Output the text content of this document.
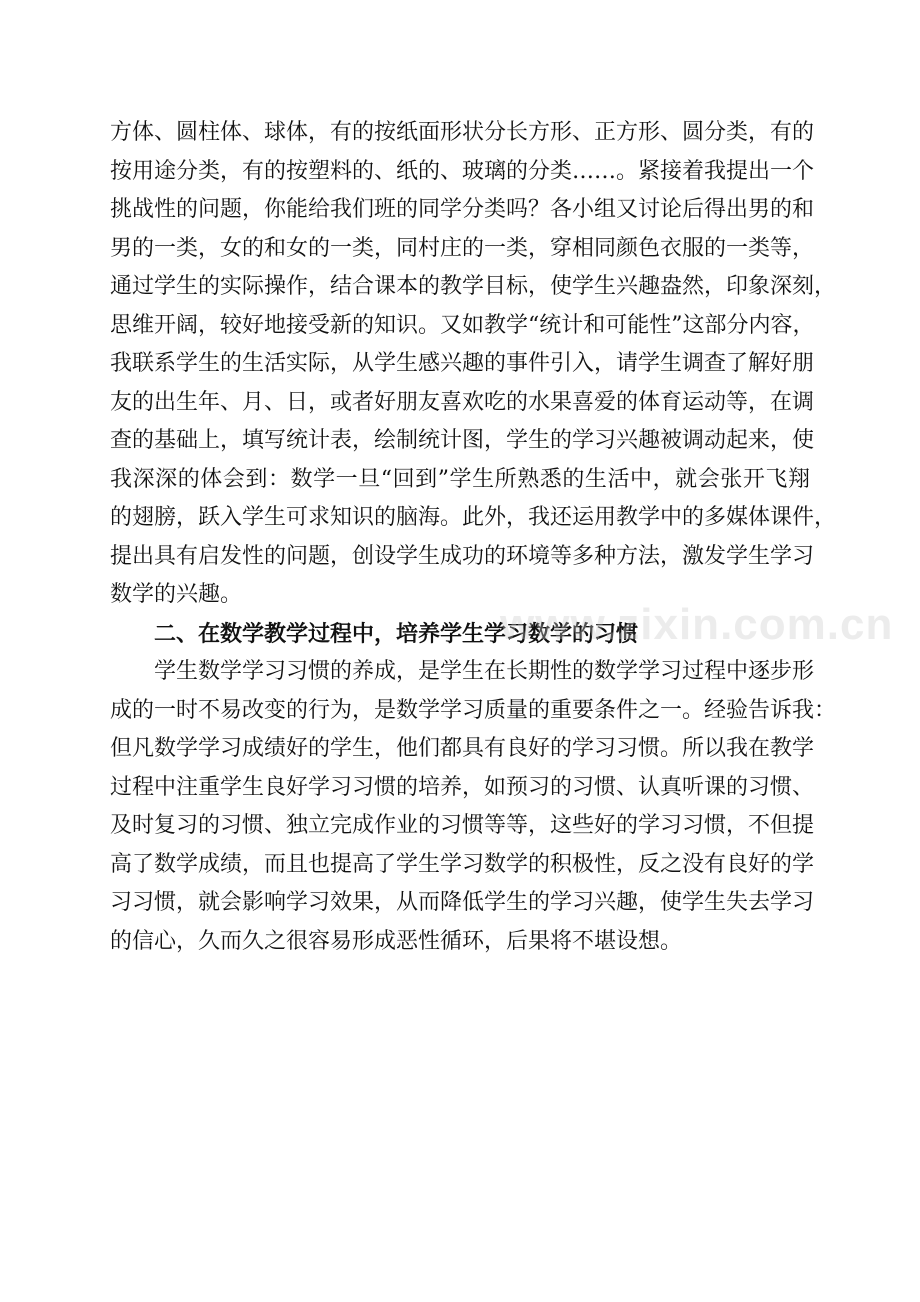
方体、圆柱体、球体，有的按纸面形状分长方形、正方形、圆分类，有的
按用途分类，有的按塑料的、纸的、玻璃的分类……。紧接着我提出一个
挑战性的问题，你能给我们班的同学分类吗？各小组又讨论后得出男的和
男的一类，女的和女的一类，同村庄的一类，穿相同颜色衣服的一类等，
通过学生的实际操作，结合课本的教学目标，使学生兴趣盎然，印象深刻，
思维开阔，较好地接受新的知识。又如教学“统计和可能性”这部分内容，
我联系学生的生活实际，从学生感兴趣的事件引入，请学生调查了解好朋
友的出生年、月、日，或者好朋友喜欢吃的水果喜爱的体育运动等，在调
查的基础上，填写统计表，绘制统计图，学生的学习兴趣被调动起来，使
我深深的体会到：数学一旦“回到”学生所熟悉的生活中，就会张开飞翔
的翅膀，跃入学生可求知识的脑海。此外，我还运用教学中的多媒体课件，
提出具有启发性的问题，创设学生成功的环境等多种方法，激发学生学习
数学的兴趣。
二、在数学教学过程中，培养学生学习数学的习惯
学生数学学习习惯的养成，是学生在长期性的数学学习过程中逐步形
成的一时不易改变的行为，是数学学习质量的重要条件之一。经验告诉我：
但凡数学学习成绩好的学生，他们都具有良好的学习习惯。所以我在教学
过程中注重学生良好学习习惯的培养，如预习的习惯、认真听课的习惯、
及时复习的习惯、独立完成作业的习惯等等，这些好的学习习惯，不但提
高了数学成绩，而且也提高了学生学习数学的积极性，反之没有良好的学
习习惯，就会影响学习效果，从而降低学生的学习兴趣，使学生失去学习
的信心，久而久之很容易形成恶性循环，后果将不堪设想。
www.zixin.com.cn
